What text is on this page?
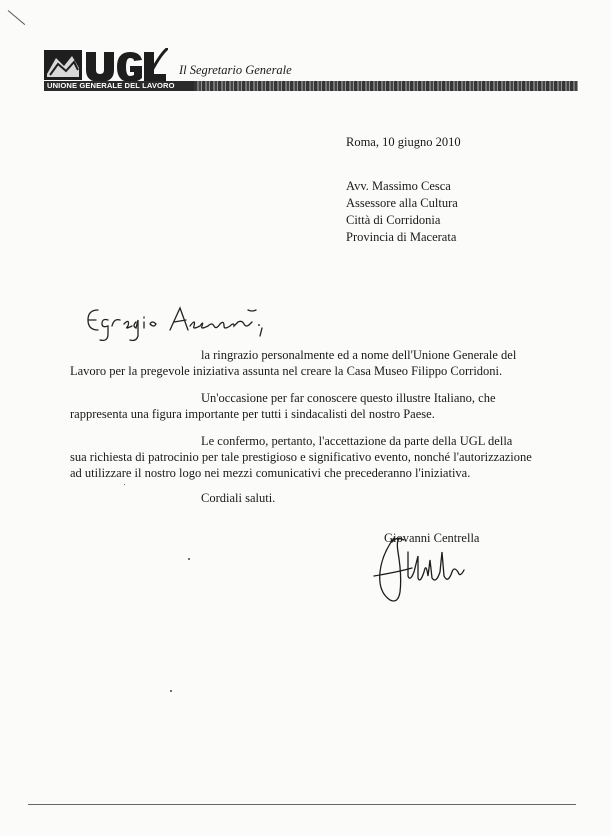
Il Segretario Generale
UNIONE GENERALE DEL LAVORO
Roma, 10 giugno 2010
Avv. Massimo Cesca
Assessore alla Cultura
Città di Corridonia
Provincia di Macerata
la ringrazio personalmente ed a nome dell'Unione Generale del
Lavoro per la pregevole iniziativa assunta nel creare la Casa Museo Filippo Corridoni.
Un'occasione per far conoscere questo illustre Italiano, che
rappresenta una figura importante per tutti i sindacalisti del nostro Paese.
Le confermo, pertanto, l'accettazione da parte della UGL della
sua richiesta di patrocinio per tale prestigioso e significativo evento, nonché l'autorizzazione
ad utilizzare il nostro logo nei mezzi comunicativi che precederanno l'iniziativa.
Cordiali saluti.
Giovanni Centrella
